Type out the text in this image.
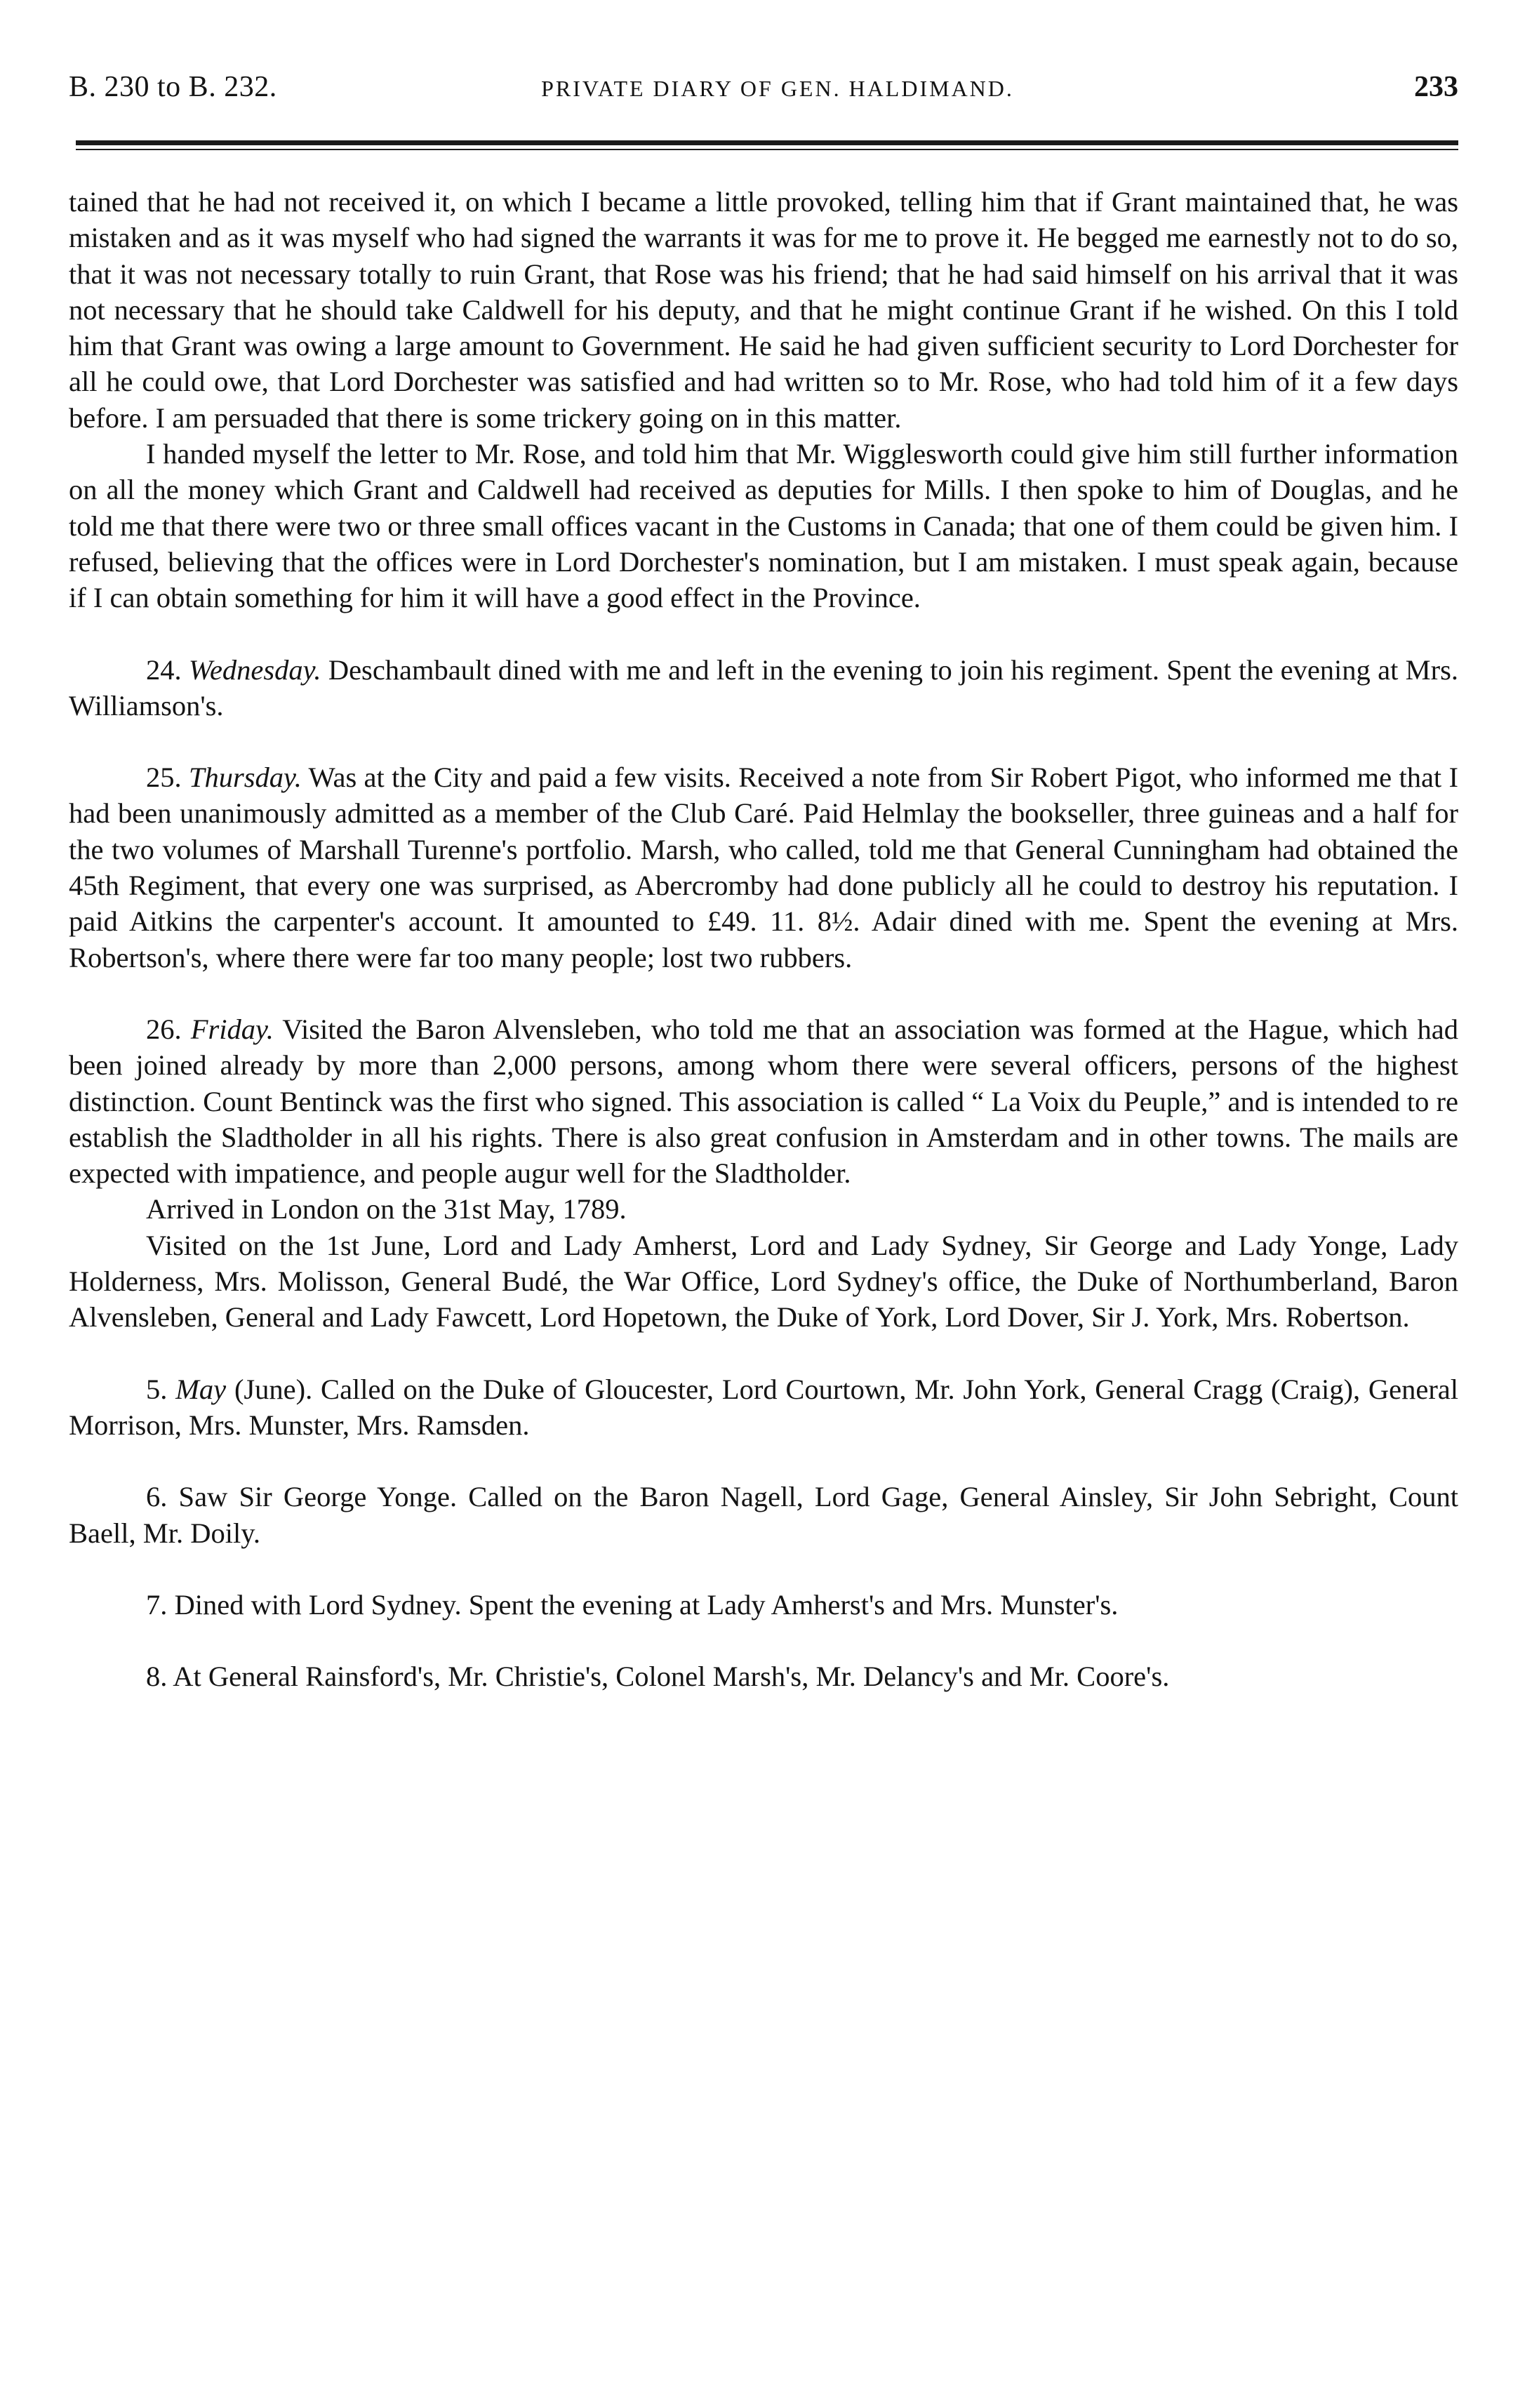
B. 230 to B. 232.	PRIVATE DIARY OF GEN. HALDIMAND.	233

tained that he had not received it, on which I became a little provoked, telling him that if Grant maintained that, he was mistaken and as it was myself who had signed the warrants it was for me to prove it. He begged me earnestly not to do so, that it was not necessary totally to ruin Grant, that Rose was his friend; that he had said himself on his arrival that it was not necessary that he should take Caldwell for his deputy, and that he might continue Grant if he wished. On this I told him that Grant was owing a large amount to Government. He said he had given sufficient security to Lord Dorchester for all he could owe, that Lord Dorchester was satisfied and had written so to Mr. Rose, who had told him of it a few days before. I am persuaded that there is some trickery going on in this matter.

I handed myself the letter to Mr. Rose, and told him that Mr. Wigglesworth could give him still further information on all the money which Grant and Caldwell had received as deputies for Mills. I then spoke to him of Douglas, and he told me that there were two or three small offices vacant in the Customs in Canada; that one of them could be given him. I refused, believing that the offices were in Lord Dorchester's nomination, but I am mistaken. I must speak again, because if I can obtain something for him it will have a good effect in the Province.

24. Wednesday. Deschambault dined with me and left in the evening to join his regiment. Spent the evening at Mrs. Williamson's.

25. Thursday. Was at the City and paid a few visits. Received a note from Sir Robert Pigot, who informed me that I had been unanimously admitted as a member of the Club Caré. Paid Helmlay the bookseller, three guineas and a half for the two volumes of Marshall Turenne's portfolio. Marsh, who called, told me that General Cunningham had obtained the 45th Regiment, that every one was surprised, as Abercromby had done publicly all he could to destroy his reputation. I paid Aitkins the carpenter's account. It amounted to £49. 11. 8½. Adair dined with me. Spent the evening at Mrs. Robertson's, where there were far too many people; lost two rubbers.

26. Friday. Visited the Baron Alvensleben, who told me that an association was formed at the Hague, which had been joined already by more than 2,000 persons, among whom there were several officers, persons of the highest distinction. Count Bentinck was the first who signed. This association is called “ La Voix du Peuple,” and is intended to re establish the Sladtholder in all his rights. There is also great confusion in Amsterdam and in other towns. The mails are expected with impatience, and people augur well for the Sladtholder.

Arrived in London on the 31st May, 1789.

Visited on the 1st June, Lord and Lady Amherst, Lord and Lady Sydney, Sir George and Lady Yonge, Lady Holderness, Mrs. Molisson, General Budé, the War Office, Lord Sydney's office, the Duke of Northumberland, Baron Alvensleben, General and Lady Fawcett, Lord Hopetown, the Duke of York, Lord Dover, Sir J. York, Mrs. Robertson.

5. May (June). Called on the Duke of Gloucester, Lord Courtown, Mr. John York, General Cragg (Craig), General Morrison, Mrs. Munster, Mrs. Ramsden.

6. Saw Sir George Yonge. Called on the Baron Nagell, Lord Gage, General Ainsley, Sir John Sebright, Count Baell, Mr. Doily.

7. Dined with Lord Sydney. Spent the evening at Lady Amherst's and Mrs. Munster's.

8. At General Rainsford's, Mr. Christie's, Colonel Marsh's, Mr. Delancy's and Mr. Coore's.
